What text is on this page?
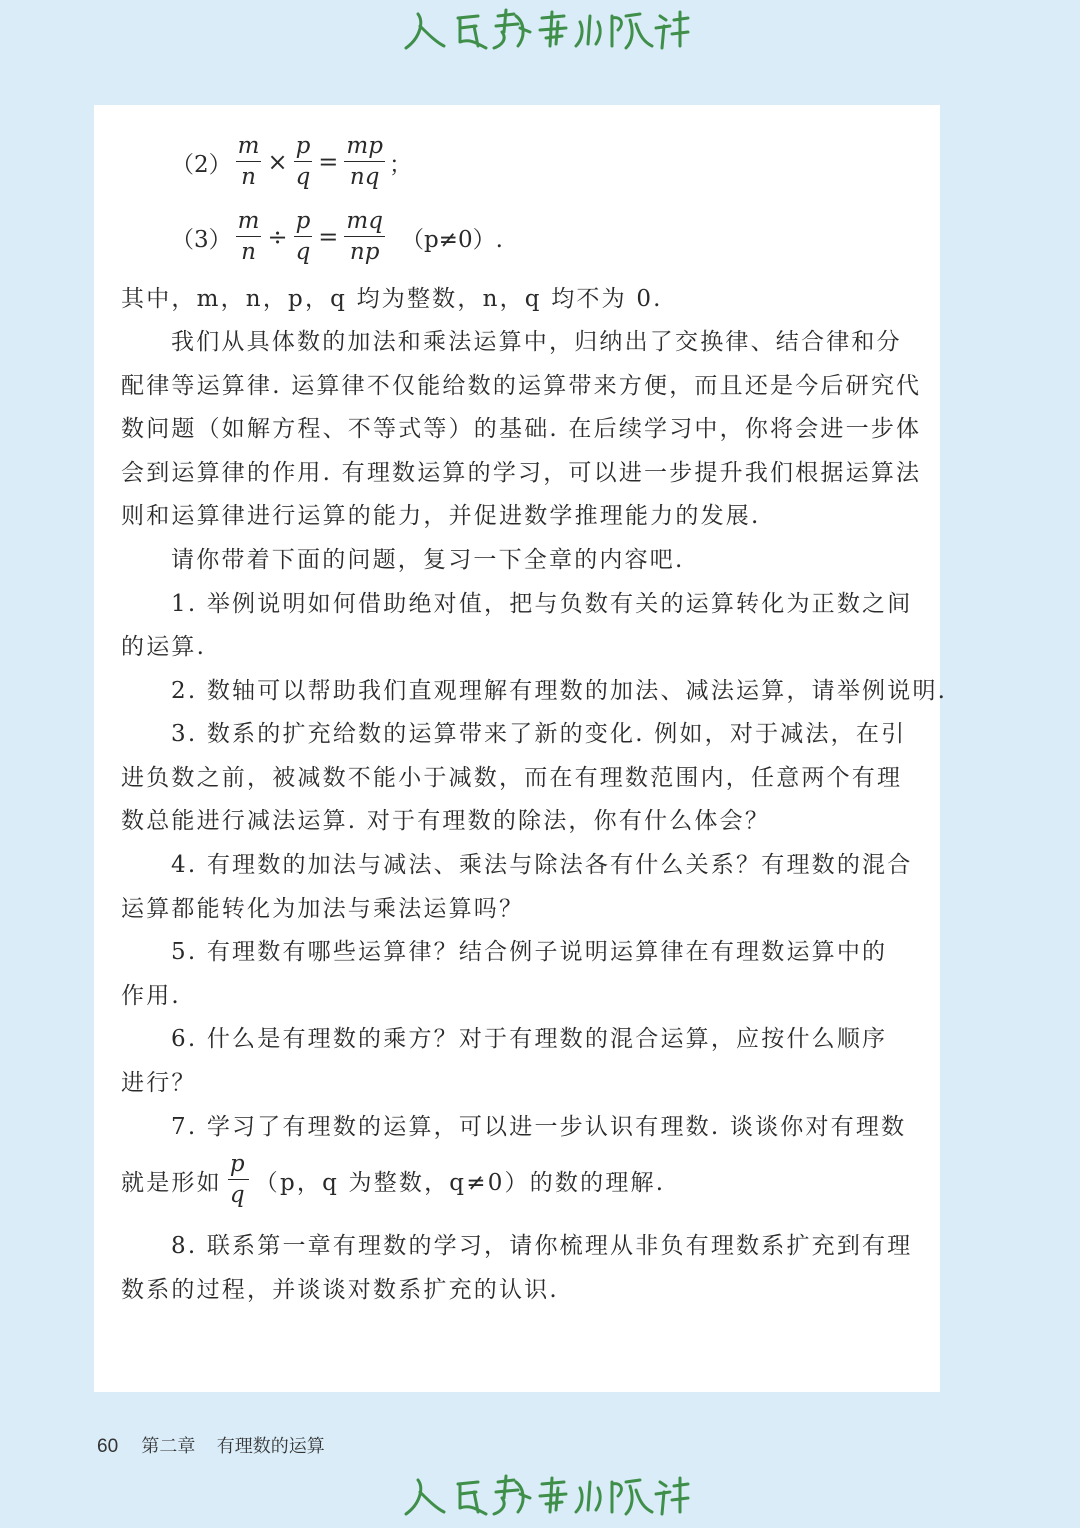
$(2) \frac{m}{n} \times \frac{p}{q} = \frac{mp}{nq}$ ；
$(3) \frac{m}{n} \div \frac{p}{q} = \frac{mq}{np} (p\ne 0)$.
其中，m，n，p，q 均为整数，n，q 均不为 0.
我们从具体数的加法和乘法运算中，归纳出了交换律、结合律和分
配律等运算律. 运算律不仅能给数的运算带来方便，而且还是今后研究代
数问题（如解方程、不等式等）的基础. 在后续学习中，你将会进一步体
会到运算律的作用. 有理数运算的学习，可以进一步提升我们根据运算法
则和运算律进行运算的能力，并促进数学推理能力的发展.
请你带着下面的问题，复习一下全章的内容吧.
1. 举例说明如何借助绝对值，把与负数有关的运算转化为正数之间
的运算.
2. 数轴可以帮助我们直观理解有理数的加法、减法运算，请举例说明.
3. 数系的扩充给数的运算带来了新的变化. 例如，对于减法，在引
进负数之前，被减数不能小于减数，而在有理数范围内，任意两个有理
数总能进行减法运算. 对于有理数的除法，你有什么体会？
4. 有理数的加法与减法、乘法与除法各有什么关系？有理数的混合
运算都能转化为加法与乘法运算吗？
5. 有理数有哪些运算律？结合例子说明运算律在有理数运算中的
作用.
6. 什么是有理数的乘方？对于有理数的混合运算，应按什么顺序
进行？
7. 学习了有理数的运算，可以进一步认识有理数. 谈谈你对有理数
就是形如 $\frac{p}{q} (p$，q 为整数，q≠0）的数的理解.
8. 联系第一章有理数的学习，请你梳理从非负有理数系扩充到有理
数系的过程，并谈谈对数系扩充的认识.
60 第二章 有理数的运算
